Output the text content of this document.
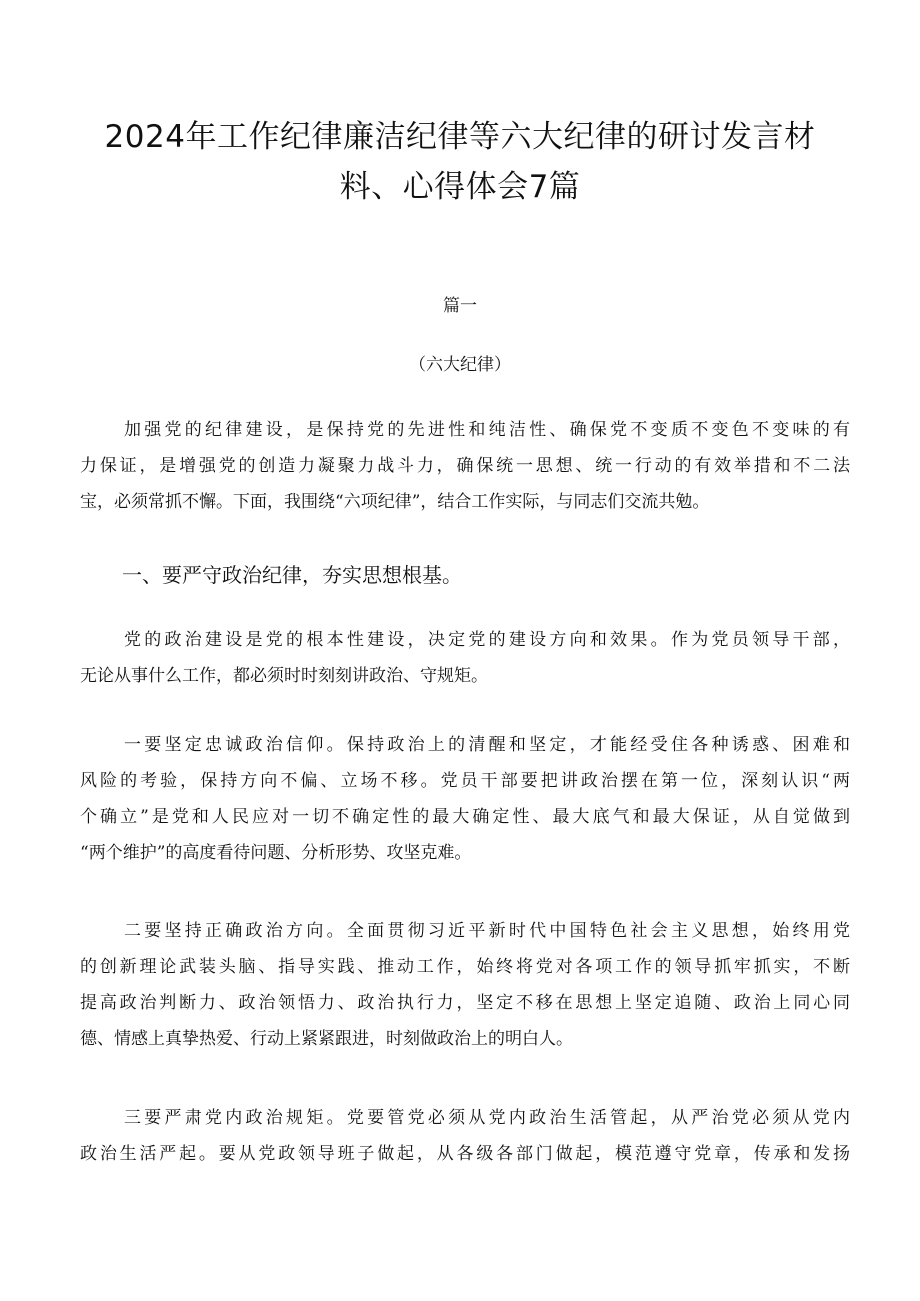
2024年工作纪律廉洁纪律等六大纪律的研讨发言材
料、心得体会7篇
篇一
（六大纪律）
加强党的纪律建设，是保持党的先进性和纯洁性、确保党不变质不变色不变味的有
力保证，是增强党的创造力凝聚力战斗力，确保统一思想、统一行动的有效举措和不二法
宝，必须常抓不懈。下面，我围绕“六项纪律”，结合工作实际，与同志们交流共勉。
一、要严守政治纪律，夯实思想根基。
党的政治建设是党的根本性建设，决定党的建设方向和效果。作为党员领导干部，
无论从事什么工作，都必须时时刻刻讲政治、守规矩。
一要坚定忠诚政治信仰。保持政治上的清醒和坚定，才能经受住各种诱惑、困难和
风险的考验，保持方向不偏、立场不移。党员干部要把讲政治摆在第一位，深刻认识“两
个确立”是党和人民应对一切不确定性的最大确定性、最大底气和最大保证，从自觉做到
“两个维护”的高度看待问题、分析形势、攻坚克难。
二要坚持正确政治方向。全面贯彻习近平新时代中国特色社会主义思想，始终用党
的创新理论武装头脑、指导实践、推动工作，始终将党对各项工作的领导抓牢抓实，不断
提高政治判断力、政治领悟力、政治执行力，坚定不移在思想上坚定追随、政治上同心同
德、情感上真挚热爱、行动上紧紧跟进，时刻做政治上的明白人。
三要严肃党内政治规矩。党要管党必须从党内政治生活管起，从严治党必须从党内
政治生活严起。要从党政领导班子做起，从各级各部门做起，模范遵守党章，传承和发扬
